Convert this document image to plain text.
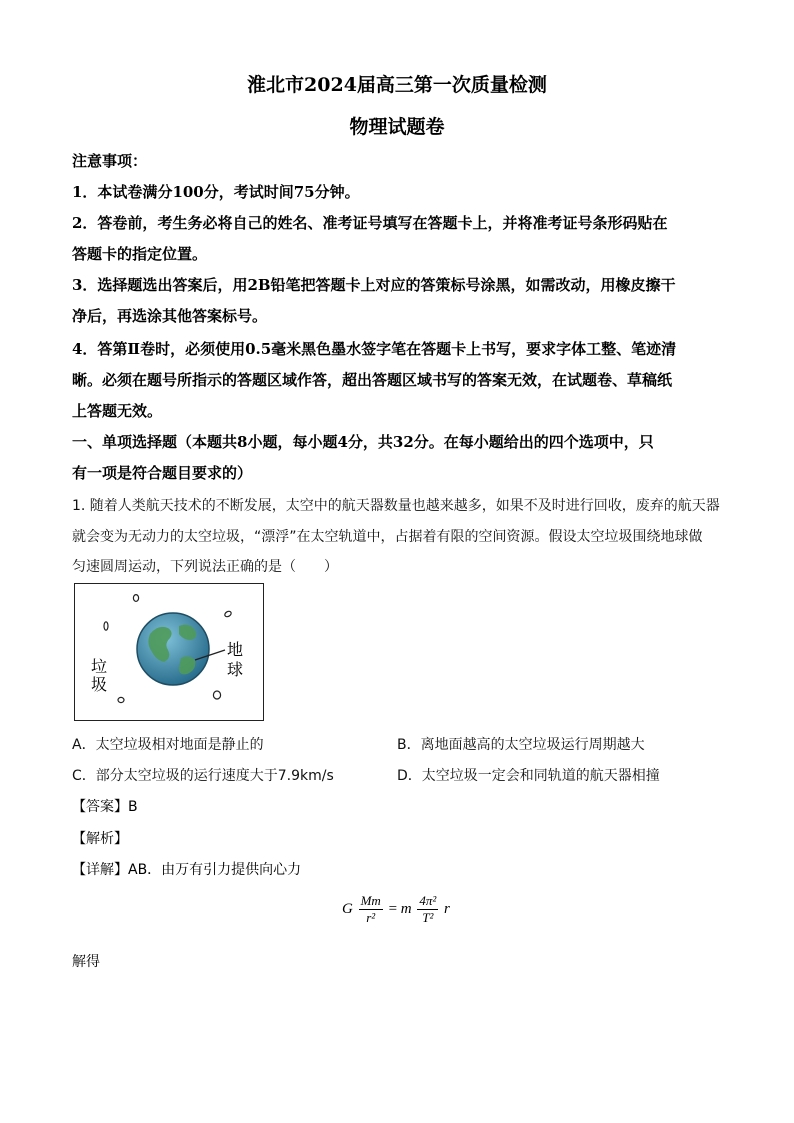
淮北市2024届高三第一次质量检测
物理试题卷
注意事项：
1．本试卷满分100分，考试时间75分钟。
2．答卷前，考生务必将自己的姓名、准考证号填写在答题卡上，并将准考证号条形码贴在
答题卡的指定位置。
3．选择题选出答案后，用2B铅笔把答题卡上对应的答策标号涂黑，如需改动，用橡皮擦干
净后，再选涂其他答案标号。
4．答第Ⅱ卷时，必须使用0.5毫米黑色墨水签字笔在答题卡上书写，要求字体工整、笔迹清
晰。必须在题号所指示的答题区域作答，超出答题区域书写的答案无效，在试题卷、草稿纸
上答题无效。
一、单项选择题（本题共8小题，每小题4分，共32分。在每小题给出的四个选项中，只
有一项是符合题目要求的）
1. 随着人类航天技术的不断发展，太空中的航天器数量也越来越多，如果不及时进行回收，废弃的航天器
就会变为无动力的太空垃圾，“漂浮”在太空轨道中，占据着有限的空间资源。假设太空垃圾围绕地球做
匀速圆周运动，下列说法正确的是（　　）
垃
圾
地
球
A．太空垃圾相对地面是静止的	B．离地面越高的太空垃圾运行周期越大
C．部分太空垃圾的运行速度大于7.9km/s	D．太空垃圾一定会和同轨道的航天器相撞
【答案】B
【解析】
【详解】AB．由万有引力提供向心力
G $\frac{Mm}{\text{r²}} = m \frac{\text{4π²}}{\text{T²}}$ r
解得
